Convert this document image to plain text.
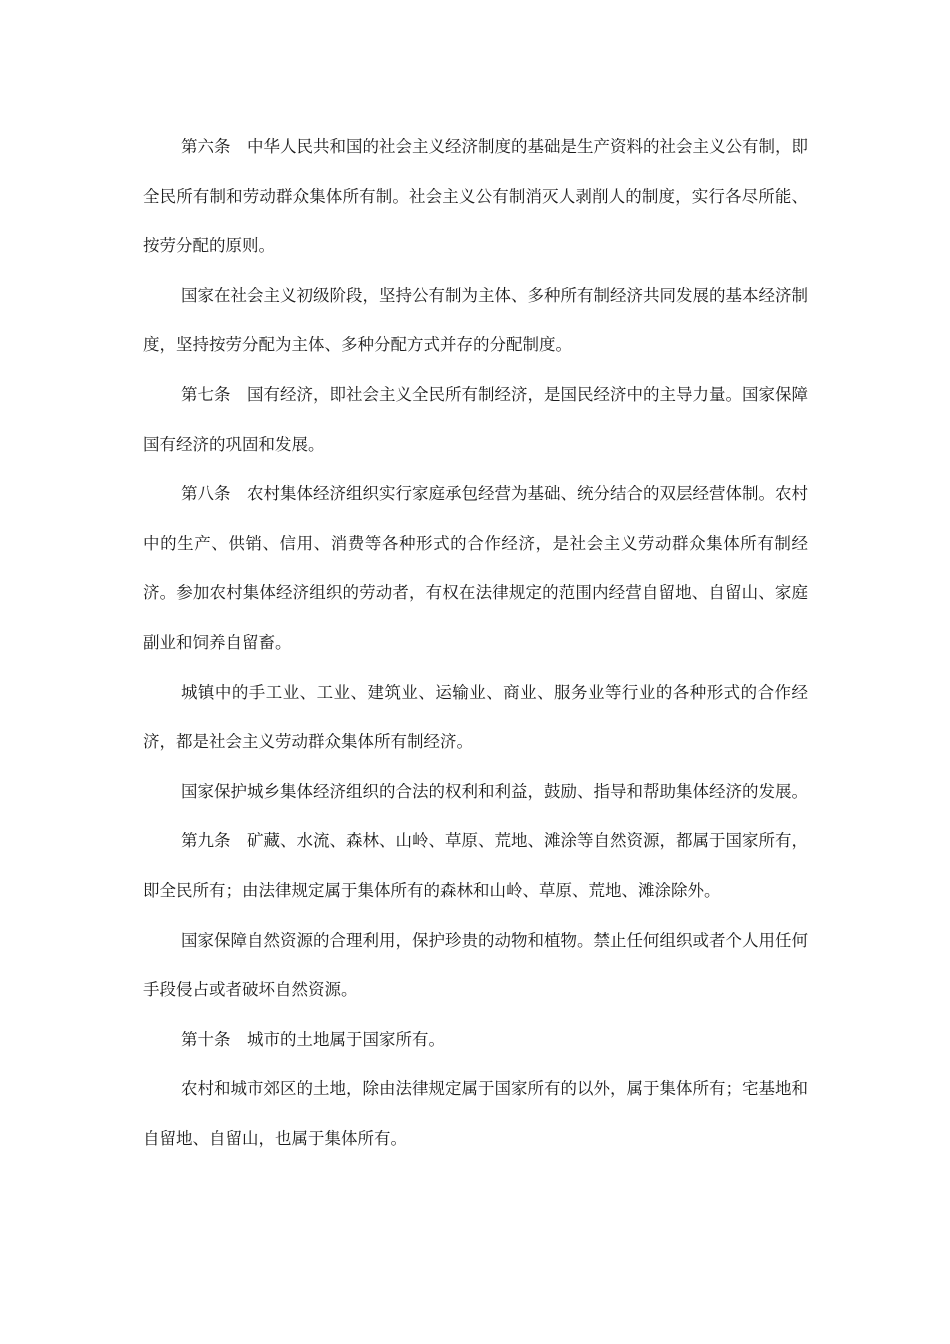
第六条 中华人民共和国的社会主义经济制度的基础是生产资料的社会主义公有制，即全民所有制和劳动群众集体所有制。社会主义公有制消灭人剥削人的制度，实行各尽所能、按劳分配的原则。

国家在社会主义初级阶段，坚持公有制为主体、多种所有制经济共同发展的基本经济制度，坚持按劳分配为主体、多种分配方式并存的分配制度。

第七条 国有经济，即社会主义全民所有制经济，是国民经济中的主导力量。国家保障国有经济的巩固和发展。

第八条 农村集体经济组织实行家庭承包经营为基础、统分结合的双层经营体制。农村中的生产、供销、信用、消费等各种形式的合作经济，是社会主义劳动群众集体所有制经济。参加农村集体经济组织的劳动者，有权在法律规定的范围内经营自留地、自留山、家庭副业和饲养自留畜。

城镇中的手工业、工业、建筑业、运输业、商业、服务业等行业的各种形式的合作经济，都是社会主义劳动群众集体所有制经济。

国家保护城乡集体经济组织的合法的权利和利益，鼓励、指导和帮助集体经济的发展。

第九条 矿藏、水流、森林、山岭、草原、荒地、滩涂等自然资源，都属于国家所有，即全民所有；由法律规定属于集体所有的森林和山岭、草原、荒地、滩涂除外。

国家保障自然资源的合理利用，保护珍贵的动物和植物。禁止任何组织或者个人用任何手段侵占或者破坏自然资源。

第十条 城市的土地属于国家所有。

农村和城市郊区的土地，除由法律规定属于国家所有的以外，属于集体所有；宅基地和自留地、自留山，也属于集体所有。
